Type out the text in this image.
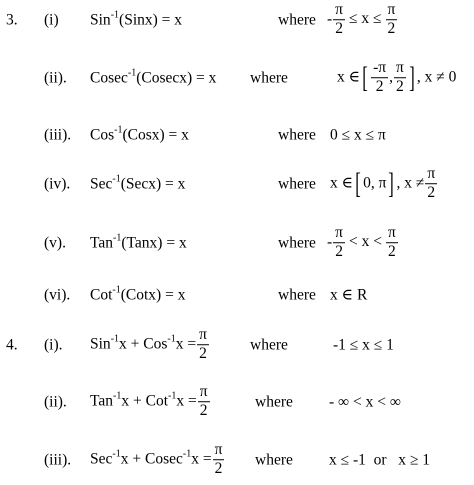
3. (i) Sin$^{-1}$(Sinx) = x	where - $\frac{\pi}{2} \le x \le \frac{\pi}{2}$
(ii). Cosec$^{-1}$(Cosecx) = x where	x ∈[ $\frac{-\pi}{2}$ , $\frac{\pi}{2}$ ] , x ≠ 0
(iii). Cos$^{-1}$(Cosx) = x	where 0 ≤ x ≤ π
(iv). Sec$^{-1}$(Secx) = x	where x ∈[ 0, π] , $x \ne \frac{\pi}{2}$
(v). Tan$^{-1}$(Tanx) = x	where - $\frac{\pi}{2} < x < \frac{\pi}{2}$
(vi). Cot$^{-1}$(Cotx) = x	where x ∈ R
4. (i). $Sin^{-1}x + Cos^{-1}x = \frac{\pi}{2}$	where	-1 ≤ x ≤ 1
(ii). $Tan^{-1}x + Cot^{-1}x = \frac{\pi}{2}$	where - ∞ < x < ∞
(iii). $Sec^{-1}x + Cosec^{-1}x = \frac{\pi}{2}$ where x ≤ -1  or   x ≥ 1
